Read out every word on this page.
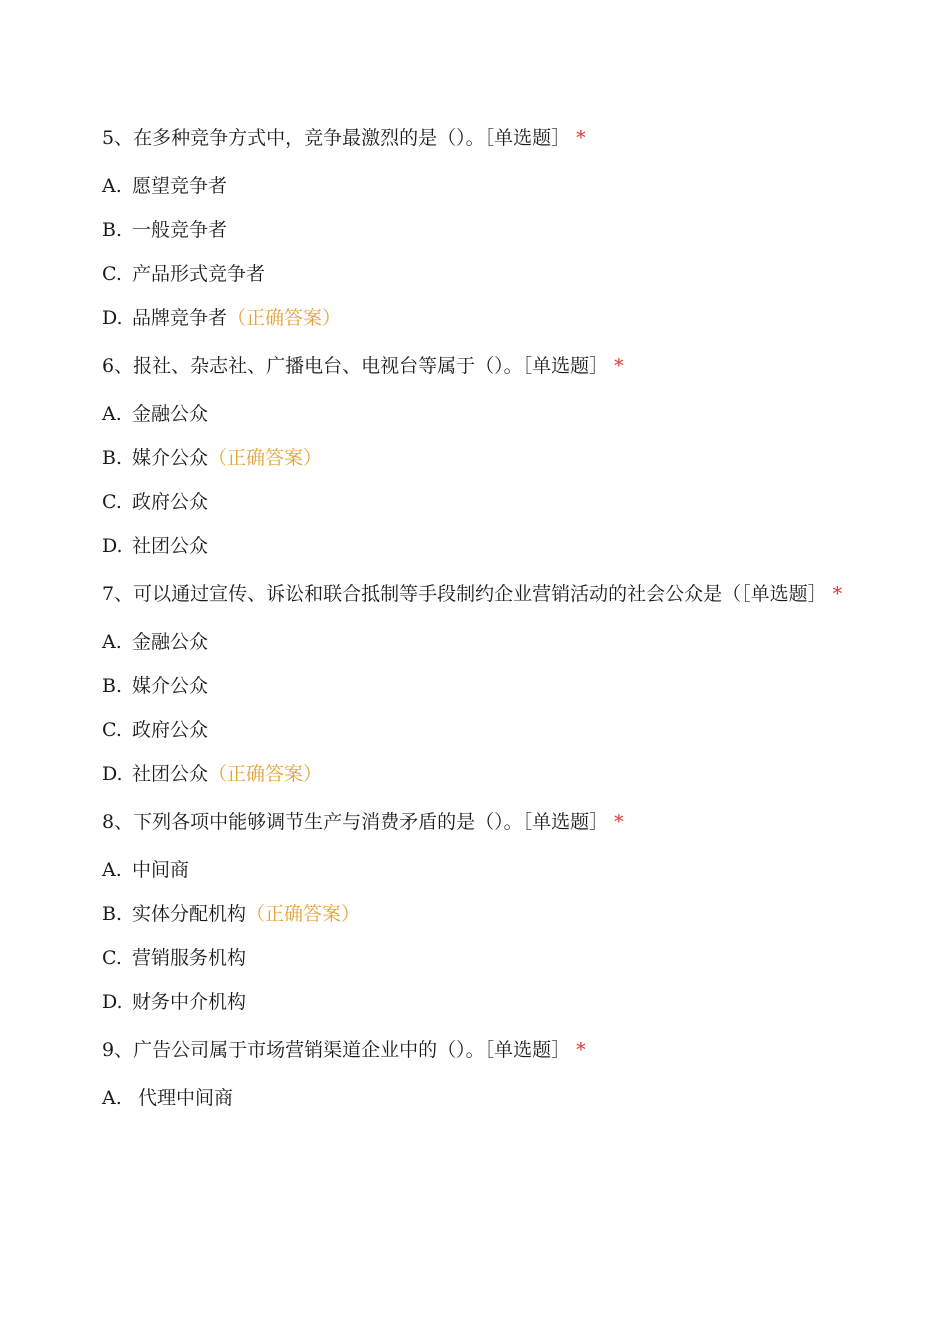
5、在多种竞争方式中，竞争最激烈的是（）。［单选题］ *

A. 愿望竞争者

B. 一般竞争者

C. 产品形式竞争者

D. 品牌竞争者（正确答案）

6、报社、杂志社、广播电台、电视台等属于（）。［单选题］ *

A. 金融公众

B. 媒介公众（正确答案）

C. 政府公众

D. 社团公众

7、可以通过宣传、诉讼和联合抵制等手段制约企业营销活动的社会公众是（［单选题］ *

A. 金融公众

B. 媒介公众

C. 政府公众

D. 社团公众（正确答案）

8、下列各项中能够调节生产与消费矛盾的是（）。［单选题］ *

A. 中间商

B. 实体分配机构（正确答案）

C. 营销服务机构

D. 财务中介机构

9、广告公司属于市场营销渠道企业中的（）。［单选题］ *

A. 代理中间商
